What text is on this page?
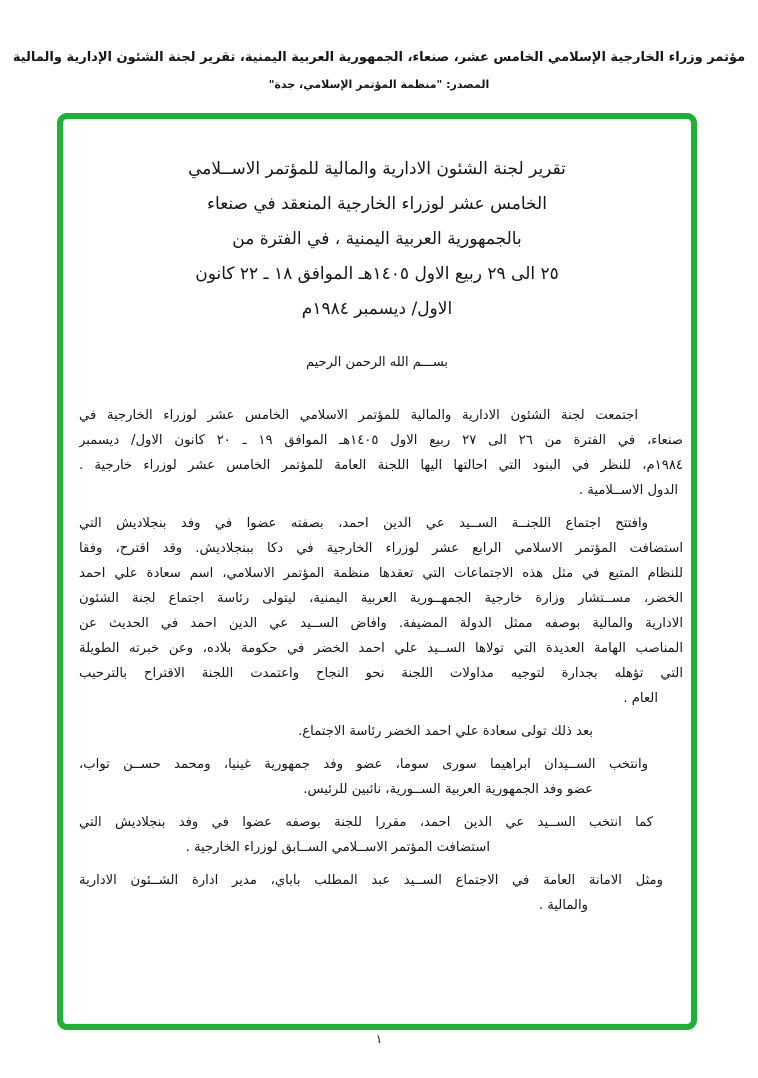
مؤتمر وزراء الخارجية الإسلامي الخامس عشر، صنعاء، الجمهورية العربية اليمنية، تقرير لجنة الشئون الإدارية والمالية
المصدر: "منظمة المؤتمر الإسلامي، جدة"
تقرير لجنة الشئون الادارية والمالية للمؤتمر الاســلامي
الخامس عشر لوزراء الخارجية المنعقد في صنعاء
بالجمهورية العربية اليمنية ، في الفترة من
٢٥ الى ٢٩ ربيع الاول ١٤٠٥هـ الموافق ١٨ ـ ٢٢ كانون
الاول/ ديسمبر ١٩٨٤م
بســـم الله الرحمن الرحيم
اجتمعت لجنة الشئون الادارية والمالية للمؤتمر الاسلامي الخامس عشر لوزراء الخارجية في
صنعاء، في الفترة من ٢٦ الى ٢٧ ربيع الاول ١٤٠٥هـ الموافق ١٩ ـ ٢٠ كانون الاول/ ديسمبر
١٩٨٤م، للنظر في البنود التي احالتها اليها اللجنة العامة للمؤتمر الخامس عشر لوزراء خارجية .
الدول الاســلامية .
وافتتح اجتماع اللجنــة الســيد عي الدين احمد، بصفته عضوا في وفد بنجلاديش التي
استضافت المؤتمر الاسلامي الرابع عشر لوزراء الخارجية في دكا ببنجلاديش. وقد اقترح، وفقا
للنظام المتبع في مثل هذه الاجتماعات التي تعقدها منظمة المؤتمر الاسلامي، اسم سعادة علي احمد
الخضر، مســتشار وزارة خارجية الجمهــورية العربية اليمنية، ليتولى رئاسة اجتماع لجنة الشئون
الادارية والمالية بوصفه ممثل الدولة المضيفة. وافاض الســيد عي الدين احمد في الحديث عن
المناصب الهامة العديدة التي تولاها الســيد علي احمد الخضر في حكومة بلاده، وعن خبرته الطويلة
التي تؤهله بجدارة لتوجيه مداولات اللجنة نحو النجاح واعتمدت اللجنة الاقتراح بالترحيب
العام .
بعد ذلك تولى سعادة علي احمد الخضر رئاسة الاجتماع.
وانتخب الســيدان ابراهيما سورى سوما، عضو وفد جمهورية غينيا، ومحمد حســن تواب،
عضو وفد الجمهورية العربية الســورية، نائبين للرئيس.
كما انتخب الســيد عي الدين احمد، مقررا للجنة بوصفه عضوا في وفد بنجلاديش التي
استضافت المؤتمر الاســلامي الســابق لوزراء الخارجية .
ومثل الامانة العامة في الاجتماع الســيد عبد المطلب باباي، مدير ادارة الشــئون الادارية
والمالية .
١
